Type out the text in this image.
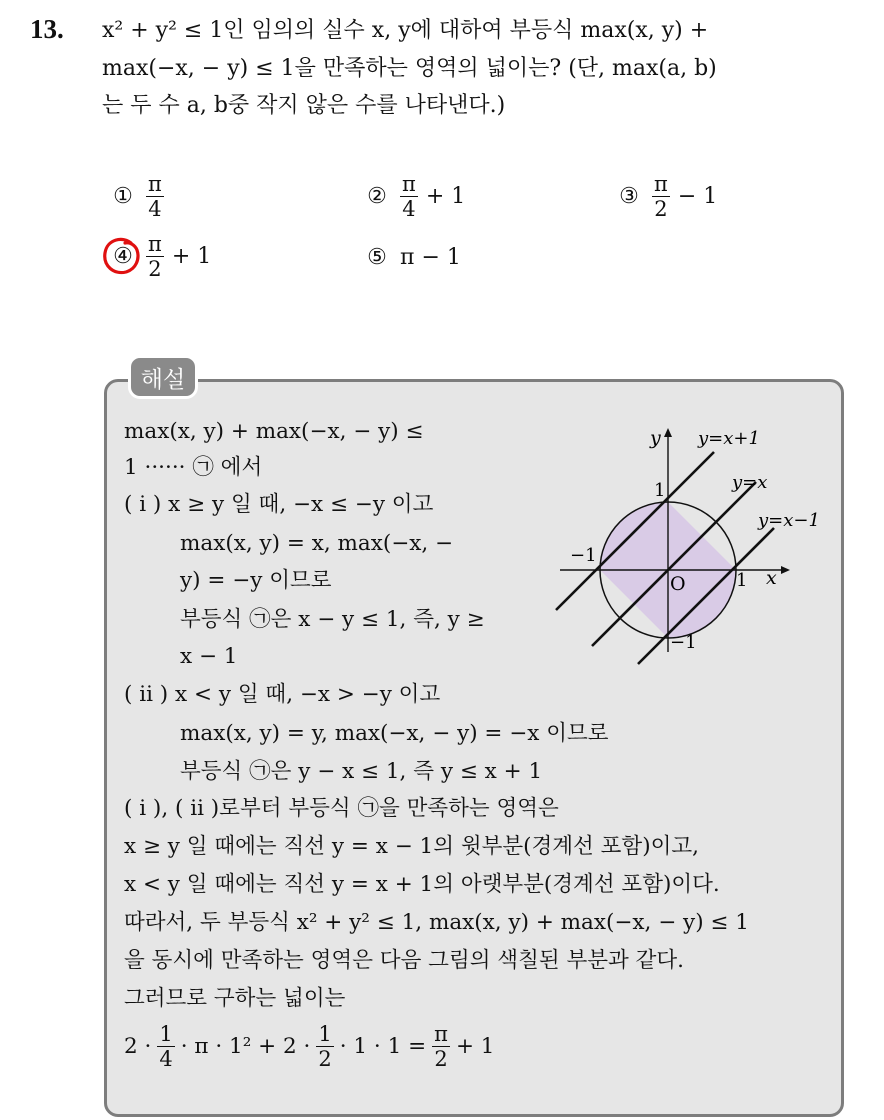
13. x² + y² ≤ 1인 임의의 실수 x, y에 대하여 부등식 max(x, y) +
max(−x, − y) ≤ 1을 만족하는 영역의 넓이는? (단, max(a, b)
는 두 수 a, b중 작지 않은 수를 나타낸다.)
① $\frac{\pi}{4}$	② $\frac{\pi}{4} + 1$	③ $\frac{\pi}{2} - 1$
④ $\frac{\pi}{2} + 1$	⑤ π − 1
해설
max(x, y) + max(−x, − y) ≤
1 ······ ㉠ 에서
( i ) x ≥ y 일 때, −x ≤ −y 이고
max(x, y) = x, max(−x, −
y) = −y 이므로
부등식 ㉠은 x − y ≤ 1, 즉, y ≥
x − 1
( ii ) x < y 일 때, −x > −y 이고
max(x, y) = y, max(−x, − y) = −x 이므로
부등식 ㉠은 y − x ≤ 1, 즉 y ≤ x + 1
( i ), ( ii )로부터 부등식 ㉠을 만족하는 영역은
x ≥ y 일 때에는 직선 y = x − 1의 윗부분(경계선 포함)이고,
x < y 일 때에는 직선 y = x + 1의 아랫부분(경계선 포함)이다.
따라서, 두 부등식 x² + y² ≤ 1, max(x, y) + max(−x, − y) ≤ 1
을 동시에 만족하는 영역은 다음 그림의 색칠된 부분과 같다.
그러므로 구하는 넓이는
$2 \cdot \frac{1}{4} \cdot \pi \cdot 1^2 + 2 \cdot \frac{1}{2} \cdot 1 \cdot 1 = \frac{\pi}{2} + 1$
y
x
O	1
−1
1
−1
y=x+1
y=x
y=x−1
